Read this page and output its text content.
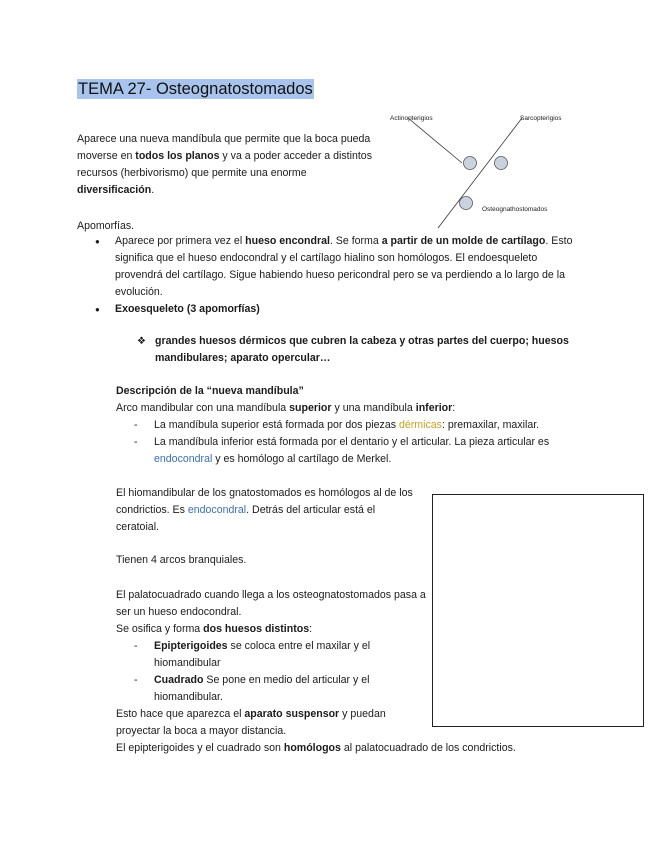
TEMA 27- Osteognatostomados

Aparece una nueva mandíbula que permite que la boca pueda moverse en todos los planos y va a poder acceder a distintos recursos (herbivorismo) que permite una enorme diversificación.

Actinopterigios	Sarcopterigios
Osteognathostomados

Apomorfías.

● Aparece por primera vez el hueso encondral. Se forma a partir de un molde de cartílago. Esto significa que el hueso endocondral y el cartílago hialino son homólogos. El endoesqueleto provendrá del cartílago. Sigue habiendo hueso pericondral pero se va perdiendo a lo largo de la evolución.
● Exoesqueleto (3 apomorfías)
❖ grandes huesos dérmicos que cubren la cabeza y otras partes del cuerpo; huesos mandibulares; aparato opercular…

Descripción de la “nueva mandíbula”

Arco mandibular con una mandíbula superior y una mandíbula inferior:
- La mandíbula superior está formada por dos piezas dérmicas: premaxilar, maxilar.
- La mandíbula inferior está formada por el dentario y el articular. La pieza articular es endocondral y es homólogo al cartílago de Merkel.

El hiomandibular de los gnatostomados es homólogos al de los condrictios. Es endocondral. Detrás del articular está el ceratoial.

Tienen 4 arcos branquiales.

El palatocuadrado cuando llega a los osteognatostomados pasa a ser un hueso endocondral.
Se osifica y forma dos huesos distintos:
- Epipterigoides se coloca entre el maxilar y el hiomandibular
- Cuadrado Se pone en medio del articular y el hiomandibular.
Esto hace que aparezca el aparato suspensor y puedan proyectar la boca a mayor distancia.

El epipterigoides y el cuadrado son homólogos al palatocuadrado de los condrictios.
